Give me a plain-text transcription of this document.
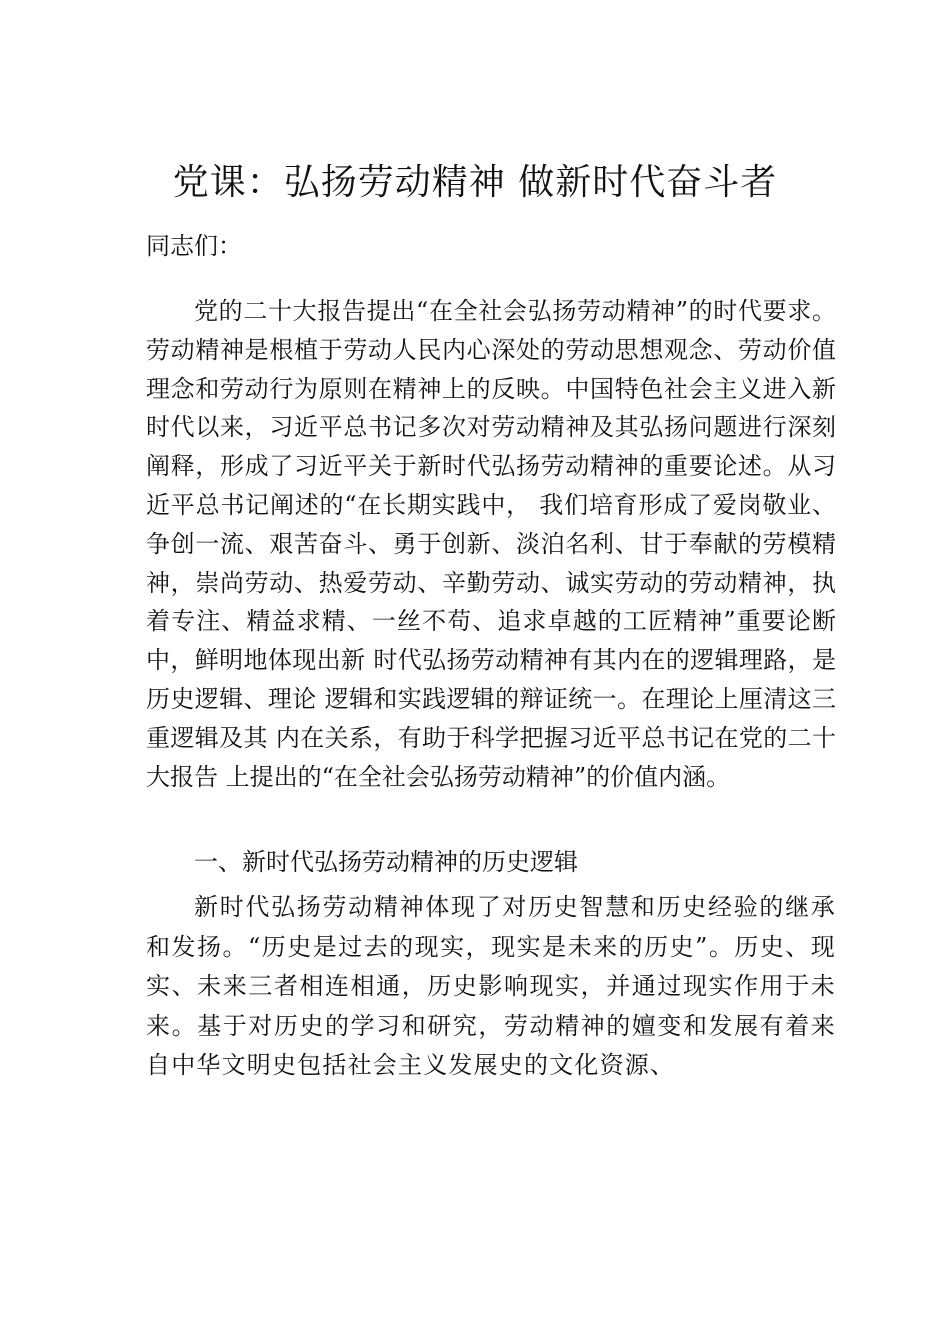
党课：弘扬劳动精神 做新时代奋斗者
同志们：

党的二十大报告提出“在全社会弘扬劳动精神”的时代要求。劳动精神是根植于劳动人民内心深处的劳动思想观念、劳动价值理念和劳动行为原则在精神上的反映。中国特色社会主义进入新时代以来，习近平总书记多次对劳动精神及其弘扬问题进行深刻阐释，形成了习近平关于新时代弘扬劳动精神的重要论述。从习近平总书记阐述的“在长期实践中， 我们培育形成了爱岗敬业、争创一流、艰苦奋斗、勇于创新、淡泊名利、甘于奉献的劳模精神，崇尚劳动、热爱劳动、辛勤劳动、诚实劳动的劳动精神，执着专注、精益求精、一丝不苟、追求卓越的工匠精神”重要论断中，鲜明地体现出新 时代弘扬劳动精神有其内在的逻辑理路，是历史逻辑、理论 逻辑和实践逻辑的辩证统一。在理论上厘清这三重逻辑及其 内在关系，有助于科学把握习近平总书记在党的二十大报告 上提出的“在全社会弘扬劳动精神”的价值内涵。

一、新时代弘扬劳动精神的历史逻辑

新时代弘扬劳动精神体现了对历史智慧和历史经验的继承和发扬。“历史是过去的现实，现实是未来的历史”。历史、现实、未来三者相连相通，历史影响现实，并通过现实作用于未来。基于对历史的学习和研究，劳动精神的嬗变和发展有着来自中华文明史包括社会主义发展史的文化资源、
